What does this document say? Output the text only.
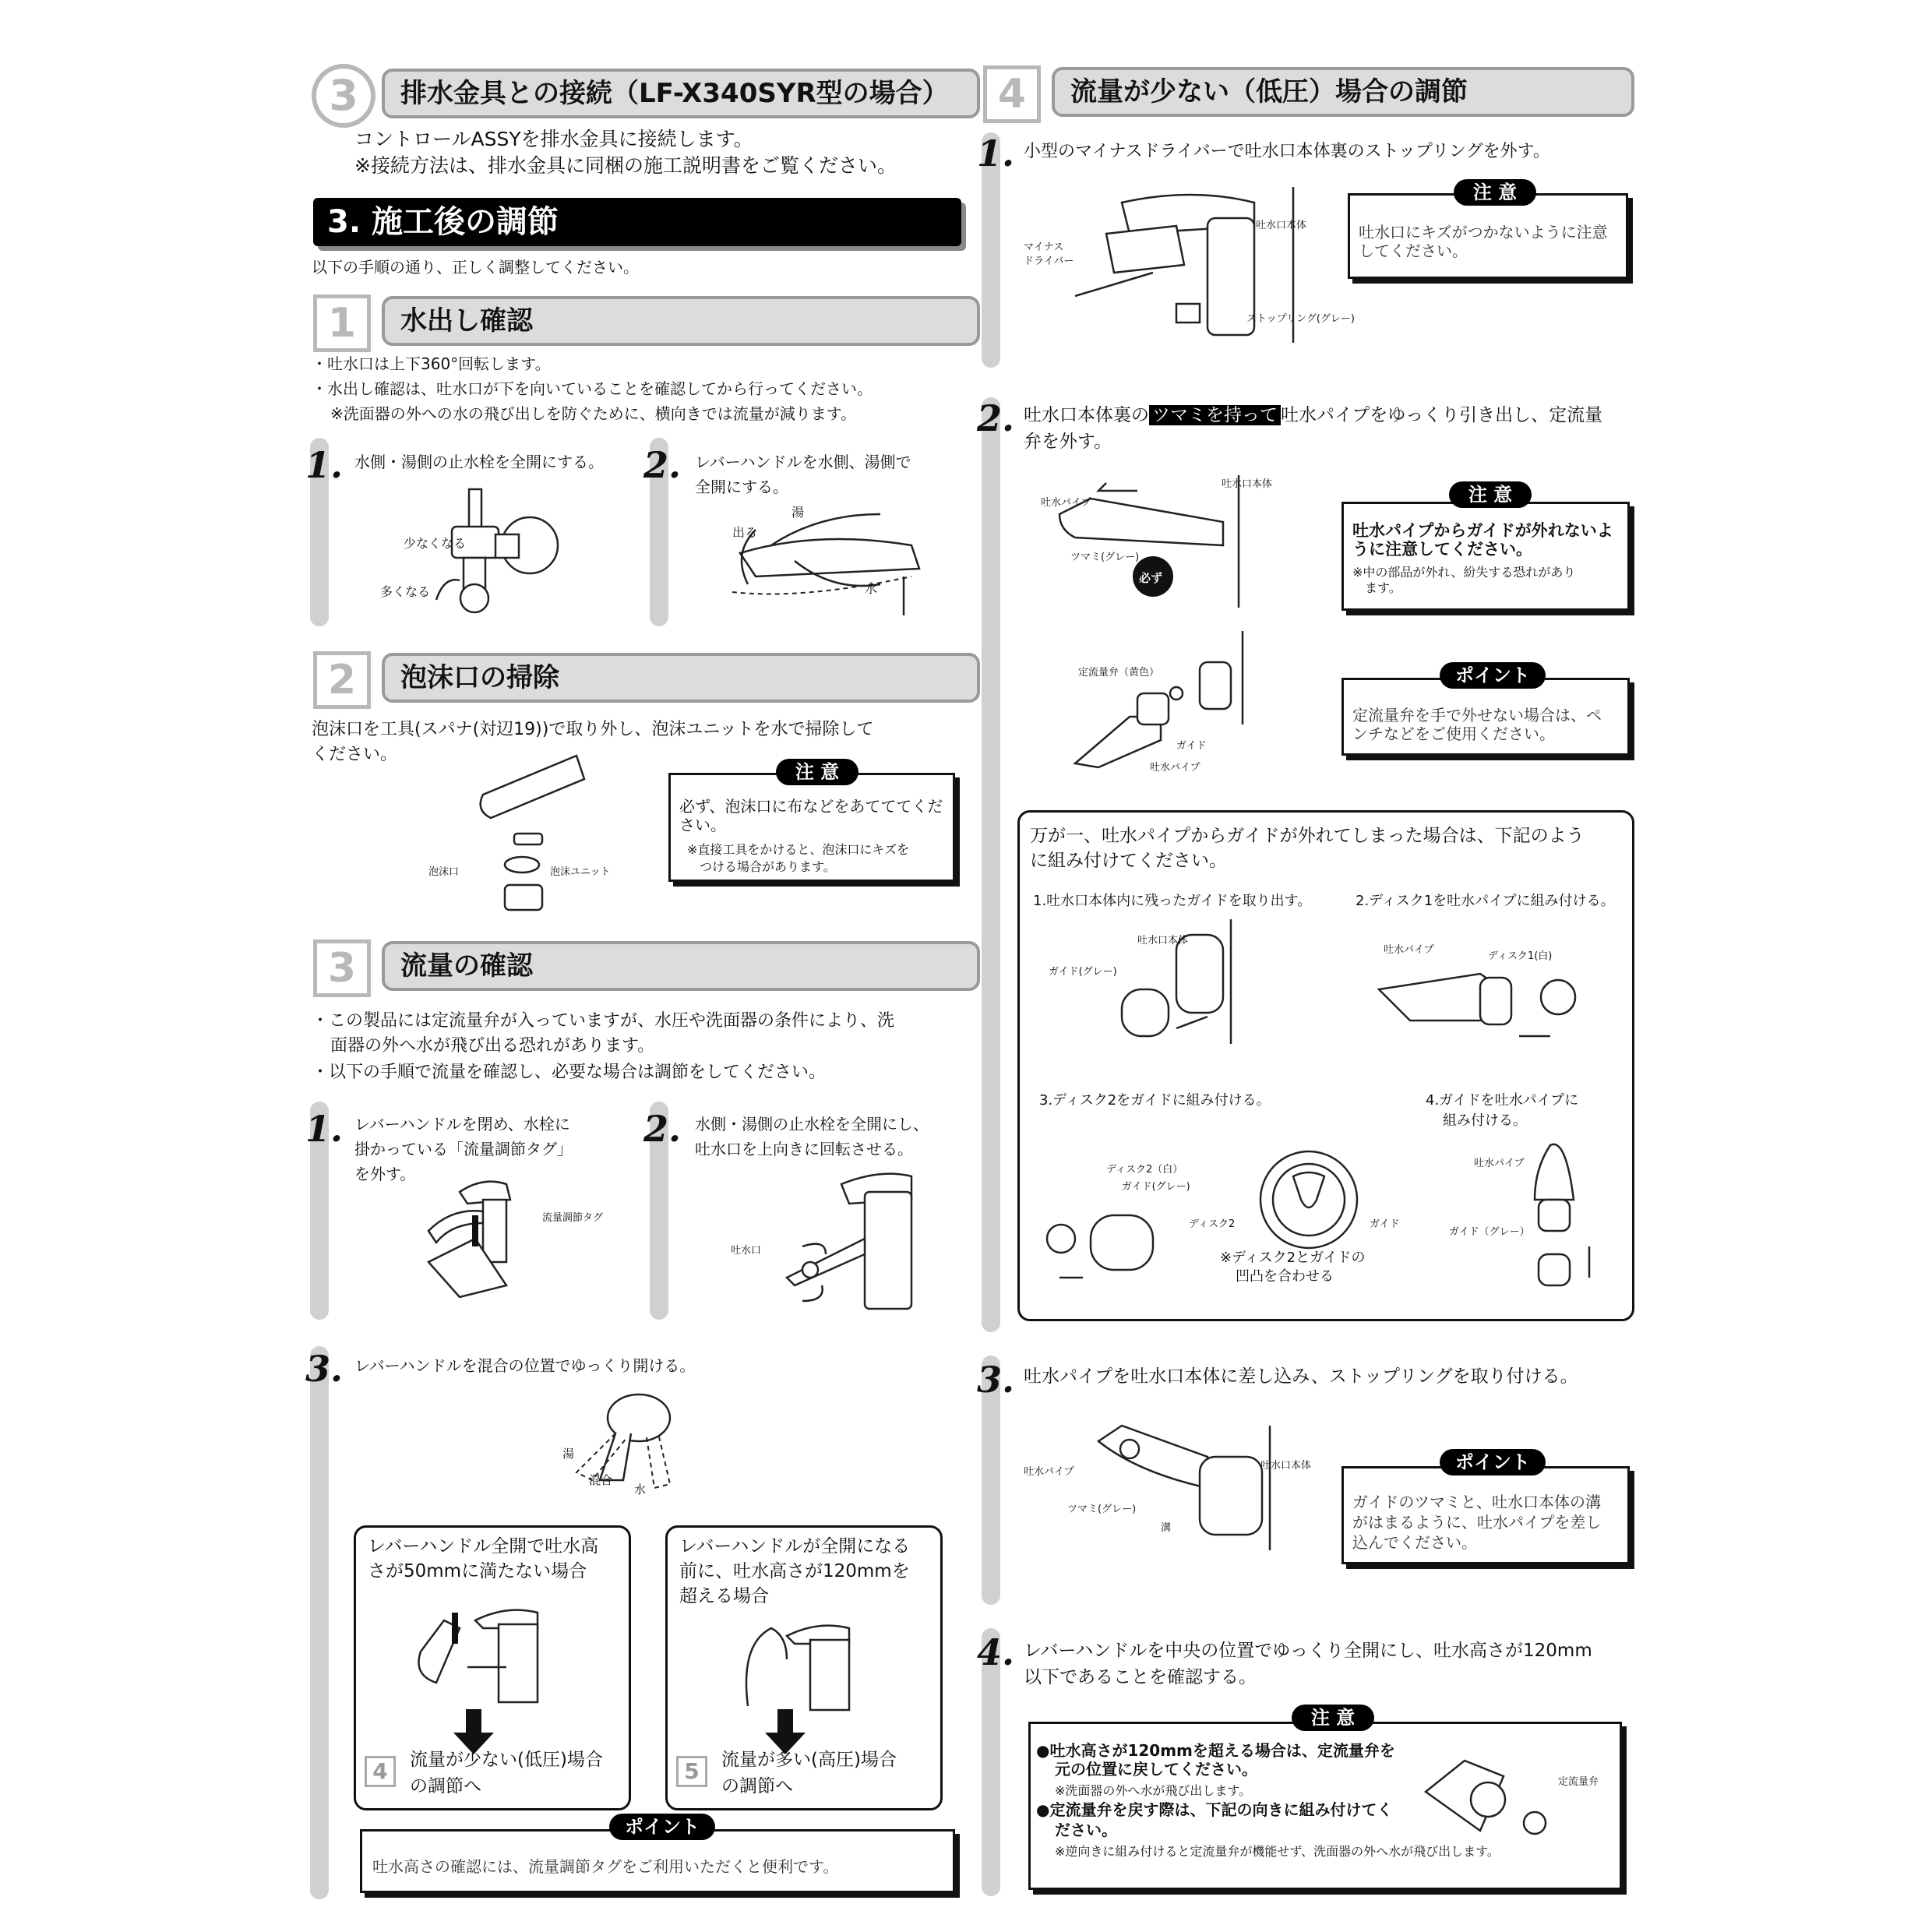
3	排水金具との接続（LF-X340SYR型の場合）
コントロールASSYを排水金具に接続します。
※接続方法は、排水金具に同梱の施工説明書をご覧ください。
3. 施工後の調節
以下の手順の通り、正しく調整してください。
1	水出し確認
・吐水口は上下360°回転します。
・水出し確認は、吐水口が下を向いていることを確認してから行ってください。
※洗面器の外への水の飛び出しを防ぐために、横向きでは流量が減ります。
1. 水側・湯側の止水栓を全開にする。 2. レバーハンドルを水側、湯側で
全開にする。
少なくなる
多くなる
湯
出る
水
2	泡沫口の掃除
泡沫口を工具(スパナ(対辺19))で取り外し、泡沫ユニットを水で掃除して
ください。
泡沫口	泡沫ユニット
注 意
必ず、泡沫口に布などをあてててくだ
さい。
※直接工具をかけると、泡沫口にキズを
つける場合があります。
3	流量の確認
・この製品には定流量弁が入っていますが、水圧や洗面器の条件により、洗
面器の外へ水が飛び出る恐れがあります。
・以下の手順で流量を確認し、必要な場合は調節をしてください。
1. レバーハンドルを閉め、水栓に
掛かっている「流量調節タグ」
を外す。
2. 水側・湯側の止水栓を全開にし、
吐水口を上向きに回転させる。
流量調節タグ
吐水口
3. レバーハンドルを混合の位置でゆっくり開ける。
湯
混合
水
レバーハンドル全開で吐水高
さが50mmに満たない場合
4	流量が少ない(低圧)場合
の調節へ
レバーハンドルが全開になる
前に、吐水高さが120mmを
超える場合
5	流量が多い(高圧)場合
の調節へ
ポイント
吐水高さの確認には、流量調節タグをご利用いただくと便利です。
4	流量が少ない（低圧）場合の調節
1. 小型のマイナスドライバーで吐水口本体裏のストップリングを外す。
マイナス
ドライバー
吐水口本体
ストップリング(グレー)
注 意
吐水口にキズがつかないように注意
してください。
2. 吐水口本体裏の ツマミを持って 吐水パイプをゆっくり引き出し、定流量
弁を外す。
吐水パイプ
吐水口本体
ツマミ(グレー)
必ず
注 意
吐水パイプからガイドが外れないよ
うに注意してください。
※中の部品が外れ、紛失する恐れがあり
ます。
定流量弁（黄色）
ガイド
吐水パイプ
ポイント
定流量弁を手で外せない場合は、ペ
ンチなどをご使用ください。
万が一、吐水パイプからガイドが外れてしまった場合は、下記のよう
に組み付けてください。
1.吐水口本体内に残ったガイドを取り出す。	2.ディスク1を吐水パイプに組み付ける。
吐水口本体
ガイド(グレー)
吐水パイプ
ディスク1(白)
3.ディスク2をガイドに組み付ける。	4.ガイドを吐水パイプに
組み付ける。
ディスク2（白）
ガイド(グレー)
ディスク2	ガイド
※ディスク2とガイドの
凹凸を合わせる
吐水パイプ
ガイド（グレー）
3. 吐水パイプを吐水口本体に差し込み、ストップリングを取り付ける。
吐水パイプ
吐水口本体
ツマミ(グレー)
溝
ポイント
ガイドのツマミと、吐水口本体の溝
がはまるように、吐水パイプを差し
込んでください。
4. レバーハンドルを中央の位置でゆっくり全開にし、吐水高さが120mm
以下であることを確認する。
注 意
●吐水高さが120mmを超える場合は、定流量弁を
元の位置に戻してください。
※洗面器の外へ水が飛び出します。
●定流量弁を戻す際は、下記の向きに組み付けてく
ださい。
※逆向きに組み付けると定流量弁が機能せず、洗面器の外へ水が飛び出します。
定流量弁
